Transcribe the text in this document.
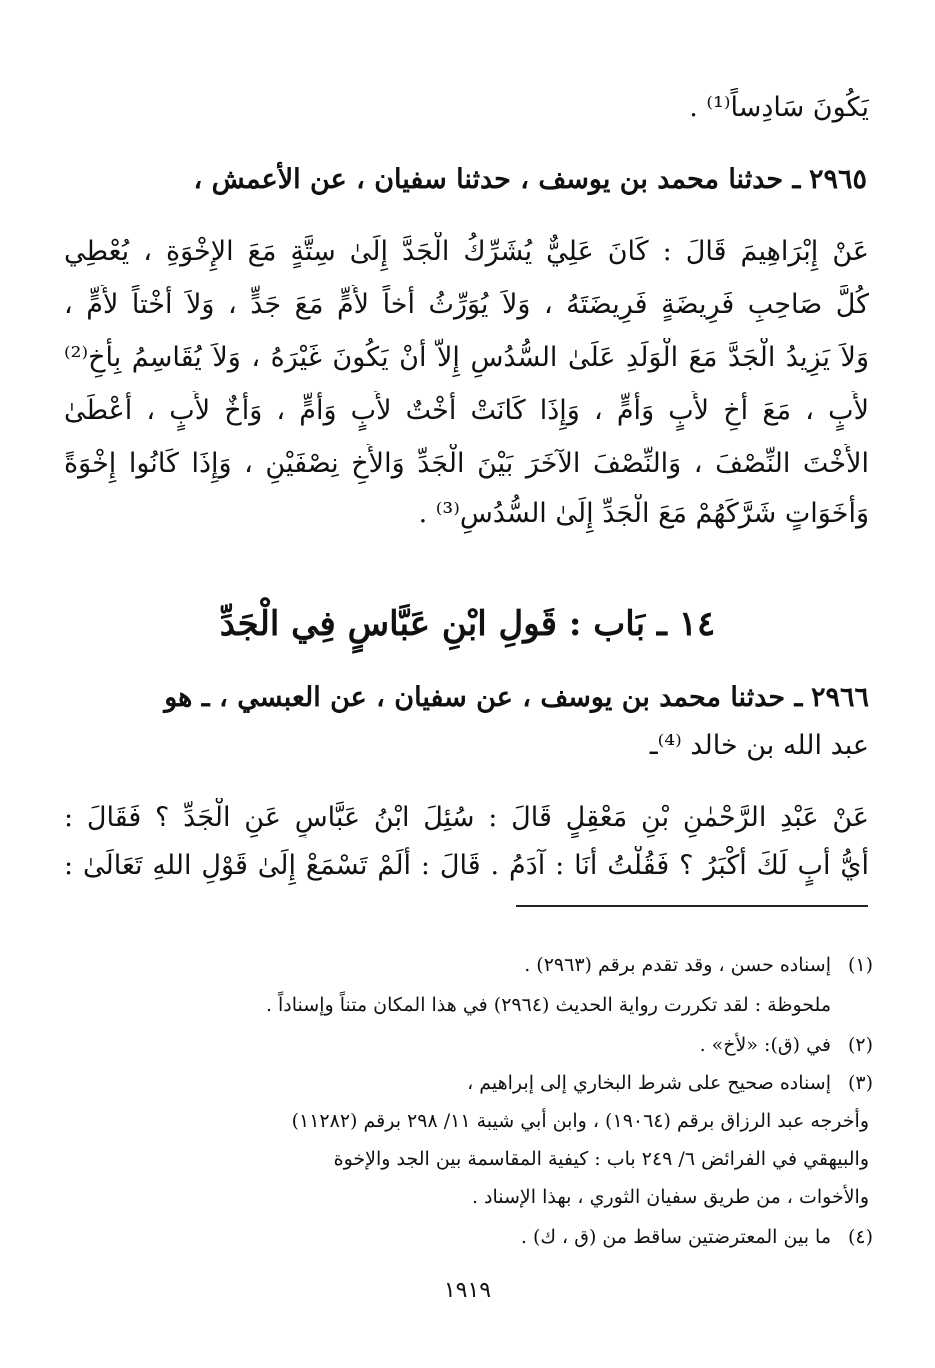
يَكُونَ سَادِساً⁽¹⁾ .
٢٩٦٥ ـ حدثنا محمد بن يوسف ، حدثنا سفيان ، عن الأعمش ،
عَنْ إِبْرَاهِيمَ قَالَ : كَانَ عَلِيٌّ يُشَرِّكُ الْجَدَّ إِلَىٰ سِتَّةٍ مَعَ الإِخْوَةِ ، يُعْطِي
كُلَّ صَاحِبِ فَرِيضَةٍ فَرِيضَتَهُ ، وَلاَ يُوَرِّثُ أَخاً لأُمٍّ مَعَ جَدٍّ ، وَلاَ أُخْتاً لأُمٍّ ،
وَلاَ يَزِيدُ الْجَدَّ مَعَ الْوَلَدِ عَلَىٰ السُّدُسِ إِلاَّ أَنْ يَكُونَ غَيْرَهُ ، وَلاَ يُقَاسِمُ بِأَخٍ⁽²⁾
لأَبٍ ، مَعَ أَخٍ لأَبٍ وَأُمٍّ ، وَإِذَا كَانَتْ أُخْتٌ لأَبٍ وَأُمٍّ ، وَأَخٌ لأَبٍ ، أَعْطَىٰ
الأُخْتَ النِّصْفَ ، وَالنِّصْفَ الآخَرَ بَيْنَ الْجَدِّ وَالأَخِ نِصْفَيْنِ ، وَإِذَا كَانُوا إِخْوَةً
وَأَخَوَاتٍ شَرَّكَهُمْ مَعَ الْجَدِّ إِلَىٰ السُّدُسِ⁽³⁾ .
١٤ ـ بَاب : قَولِ ابْنِ عَبَّاسٍ فِي الْجَدِّ
٢٩٦٦ ـ حدثنا محمد بن يوسف ، عن سفيان ، عن العبسي ، ـ هو
عبد الله بن خالد ⁽⁴⁾ـ
عَنْ عَبْدِ الرَّحْمٰنِ بْنِ مَعْقِلٍ قَالَ : سُئِلَ ابْنُ عَبَّاسٍ عَنِ الْجَدِّ ؟ فَقَالَ :
أَيُّ أَبٍ لَكَ أَكْبَرُ ؟ فَقُلْتُ أَنَا : آدَمُ . قَالَ : أَلَمْ تَسْمَعْ إِلَىٰ قَوْلِ اللهِ تَعَالَىٰ :
(١)إسناده حسن ، وقد تقدم برقم (٢٩٦٣) .
ملحوظة : لقد تكررت رواية الحديث (٢٩٦٤) في هذا المكان متناً وإسناداً .
(٢)في (ق): «لأخ» .
(٣)إسناده صحيح على شرط البخاري إلى إبراهيم ،
وأخرجه عبد الرزاق برقم (١٩٠٦٤) ، وابن أبي شيبة ١١/ ٢٩٨ برقم (١١٢٨٢)
والبيهقي في الفرائض ٦/ ٢٤٩ باب : كيفية المقاسمة بين الجد والإخوة
والأخوات ، من طريق سفيان الثوري ، بهذا الإسناد .
(٤)ما بين المعترضتين ساقط من (ق ، ك) .
١٩١٩
